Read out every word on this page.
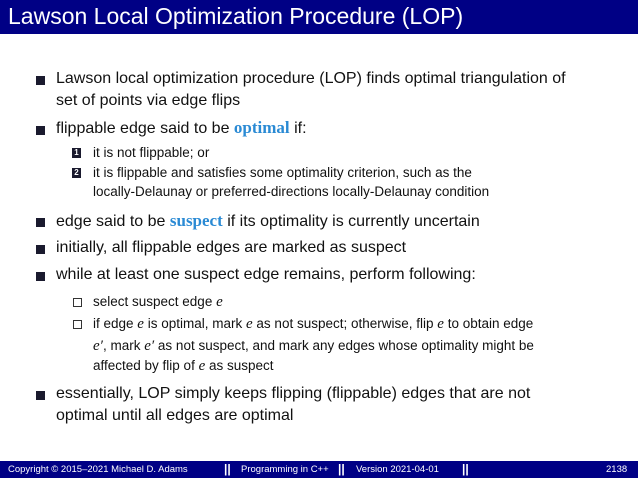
Lawson Local Optimization Procedure (LOP)
Lawson local optimization procedure (LOP) finds optimal triangulation of
set of points via edge flips
flippable edge said to be optimal if:
1 it is not flippable; or
2 it is flippable and satisfies some optimality criterion, such as the
locally-Delaunay or preferred-directions locally-Delaunay condition
edge said to be suspect if its optimality is currently uncertain
initially, all flippable edges are marked as suspect
while at least one suspect edge remains, perform following:
select suspect edge e
if edge e is optimal, mark e as not suspect; otherwise, flip e to obtain edge
e′, mark e′ as not suspect, and mark any edges whose optimality might be
affected by flip of e as suspect
essentially, LOP simply keeps flipping (flippable) edges that are not
optimal until all edges are optimal
Copyright © 2015–2021 Michael D. Adams	|| Programming in C++ || Version 2021-04-01 ||	2138
